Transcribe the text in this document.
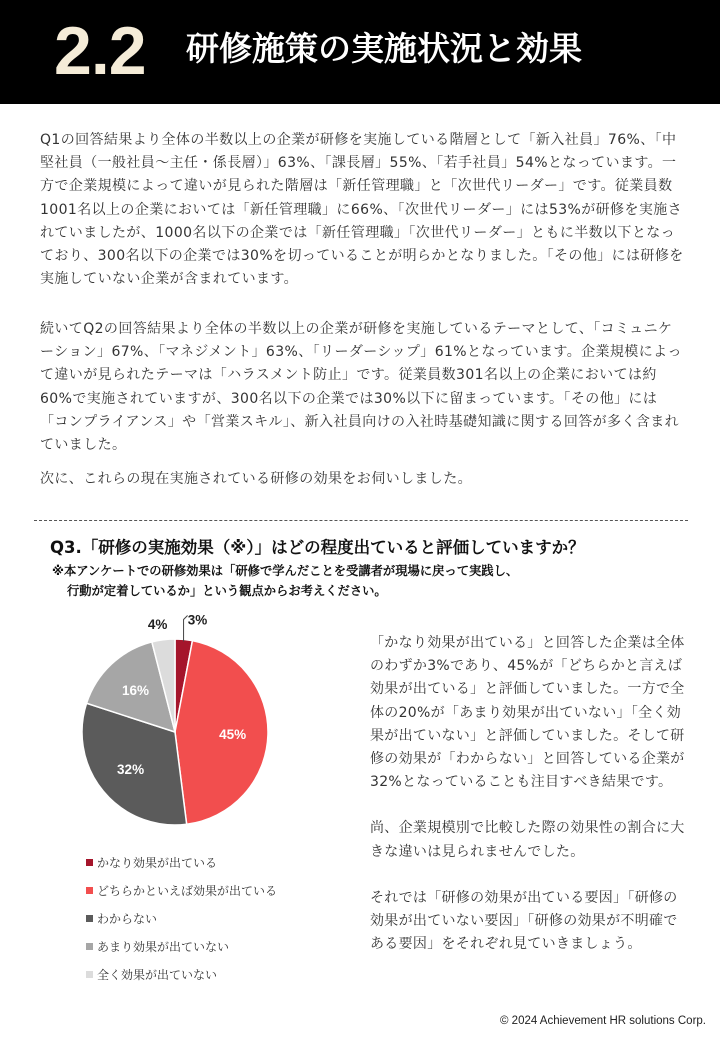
2.2 研修施策の実施状況と効果

Q1の回答結果より全体の半数以上の企業が研修を実施している階層として「新入社員」76%、「中堅社員（一般社員～主任・係長層）」63%、「課長層」55%、「若手社員」54%となっています。一方で企業規模によって違いが見られた階層は「新任管理職」と「次世代リーダー」です。従業員数1001名以上の企業においては「新任管理職」に66%、「次世代リーダー」には53%が研修を実施されていましたが、1000名以下の企業では「新任管理職」「次世代リーダー」ともに半数以下となっており、300名以下の企業では30%を切っていることが明らかとなりました。「その他」には研修を実施していない企業が含まれています。

続いてQ2の回答結果より全体の半数以上の企業が研修を実施しているテーマとして、「コミュニケーション」67%、「マネジメント」63%、「リーダーシップ」61%となっています。企業規模によって違いが見られたテーマは「ハラスメント防止」です。従業員数301名以上の企業においては約60%で実施されていますが、300名以下の企業では30%以下に留まっています。「その他」には「コンプライアンス」や「営業スキル」、新入社員向けの入社時基礎知識に関する回答が多く含まれていました。

次に、これらの現在実施されている研修の効果をお伺いしました。

Q3.「研修の実施効果（※）」はどの程度出ていると評価していますか？
※本アンケートでの研修効果は「研修で学んだことを受講者が現場に戻って実践し、
行動が定着しているか」という観点からお考えください。
3%
45%
32%
16%
4%
かなり効果が出ている
どちらかといえば効果が出ている
わからない
あまり効果が出ていない
全く効果が出ていない

「かなり効果が出ている」と回答した企業は全体のわずか3%であり、45%が「どちらかと言えば効果が出ている」と評価していました。一方で全体の20%が「あまり効果が出ていない」「全く効果が出ていない」と評価していました。そして研修の効果が「わからない」と回答している企業が32%となっていることも注目すべき結果です。

尚、企業規模別で比較した際の効果性の割合に大きな違いは見られませんでした。

それでは「研修の効果が出ている要因」「研修の効果が出ていない要因」「研修の効果が不明確である要因」をそれぞれ見ていきましょう。

© 2024 Achievement HR solutions Corp.
